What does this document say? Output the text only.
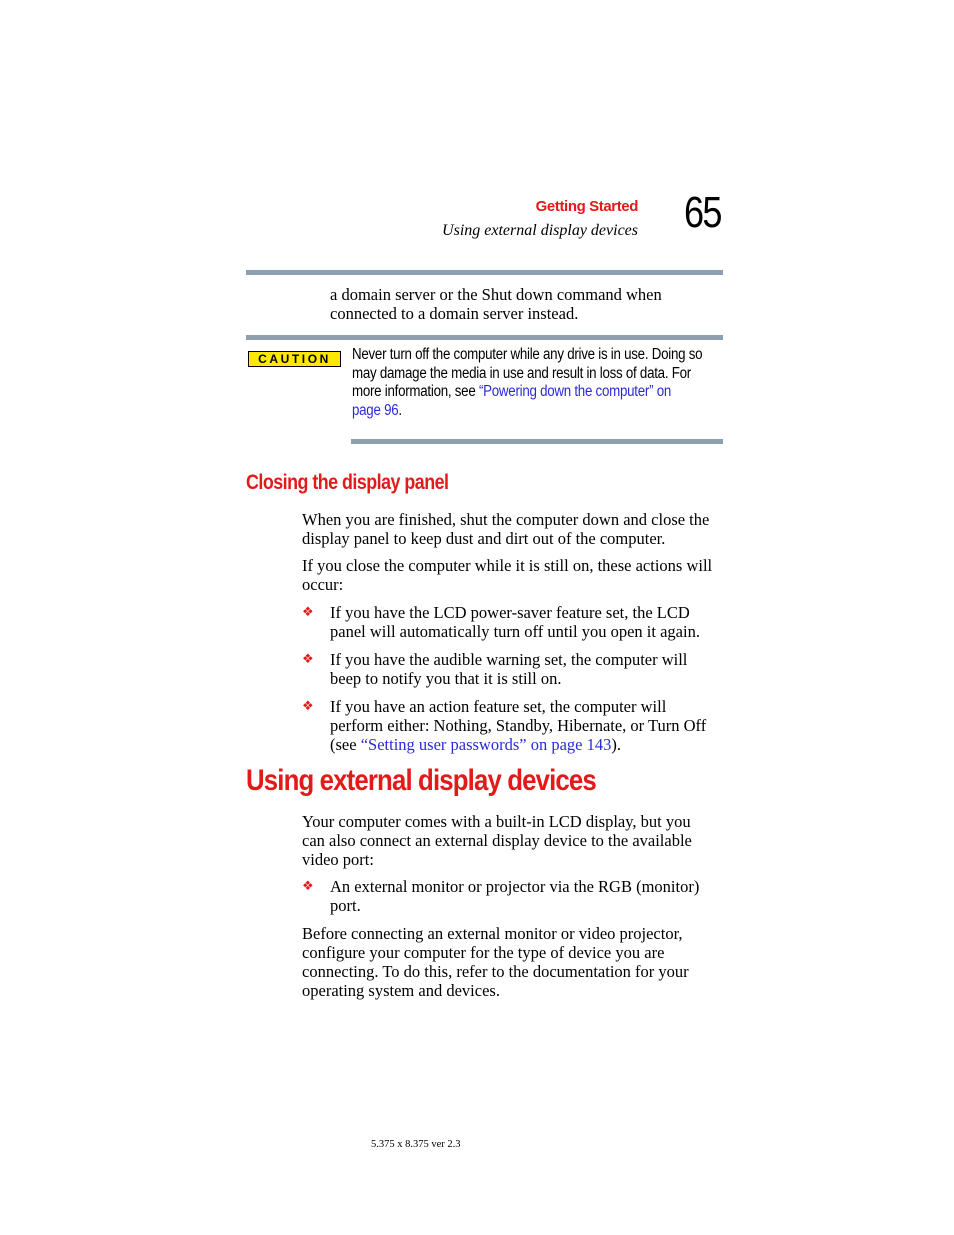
Getting Started
Using external display devices 65
a domain server or the Shut down command when
connected to a domain server instead.
CAUTION	Never turn off the computer while any drive is in use. Doing so
may damage the media in use and result in loss of data. For
more information, see “Powering down the computer” on
page 96.
Closing the display panel
When you are finished, shut the computer down and close the
display panel to keep dust and dirt out of the computer.
If you close the computer while it is still on, these actions will
occur:
❖ If you have the LCD power-saver feature set, the LCD
panel will automatically turn off until you open it again.
❖ If you have the audible warning set, the computer will
beep to notify you that it is still on.
❖ If you have an action feature set, the computer will
perform either: Nothing, Standby, Hibernate, or Turn Off
(see “Setting user passwords” on page 143).
Using external display devices
Your computer comes with a built-in LCD display, but you
can also connect an external display device to the available
video port:
❖ An external monitor or projector via the RGB (monitor)
port.
Before connecting an external monitor or video projector,
configure your computer for the type of device you are
connecting. To do this, refer to the documentation for your
operating system and devices.
5.375 x 8.375 ver 2.3
